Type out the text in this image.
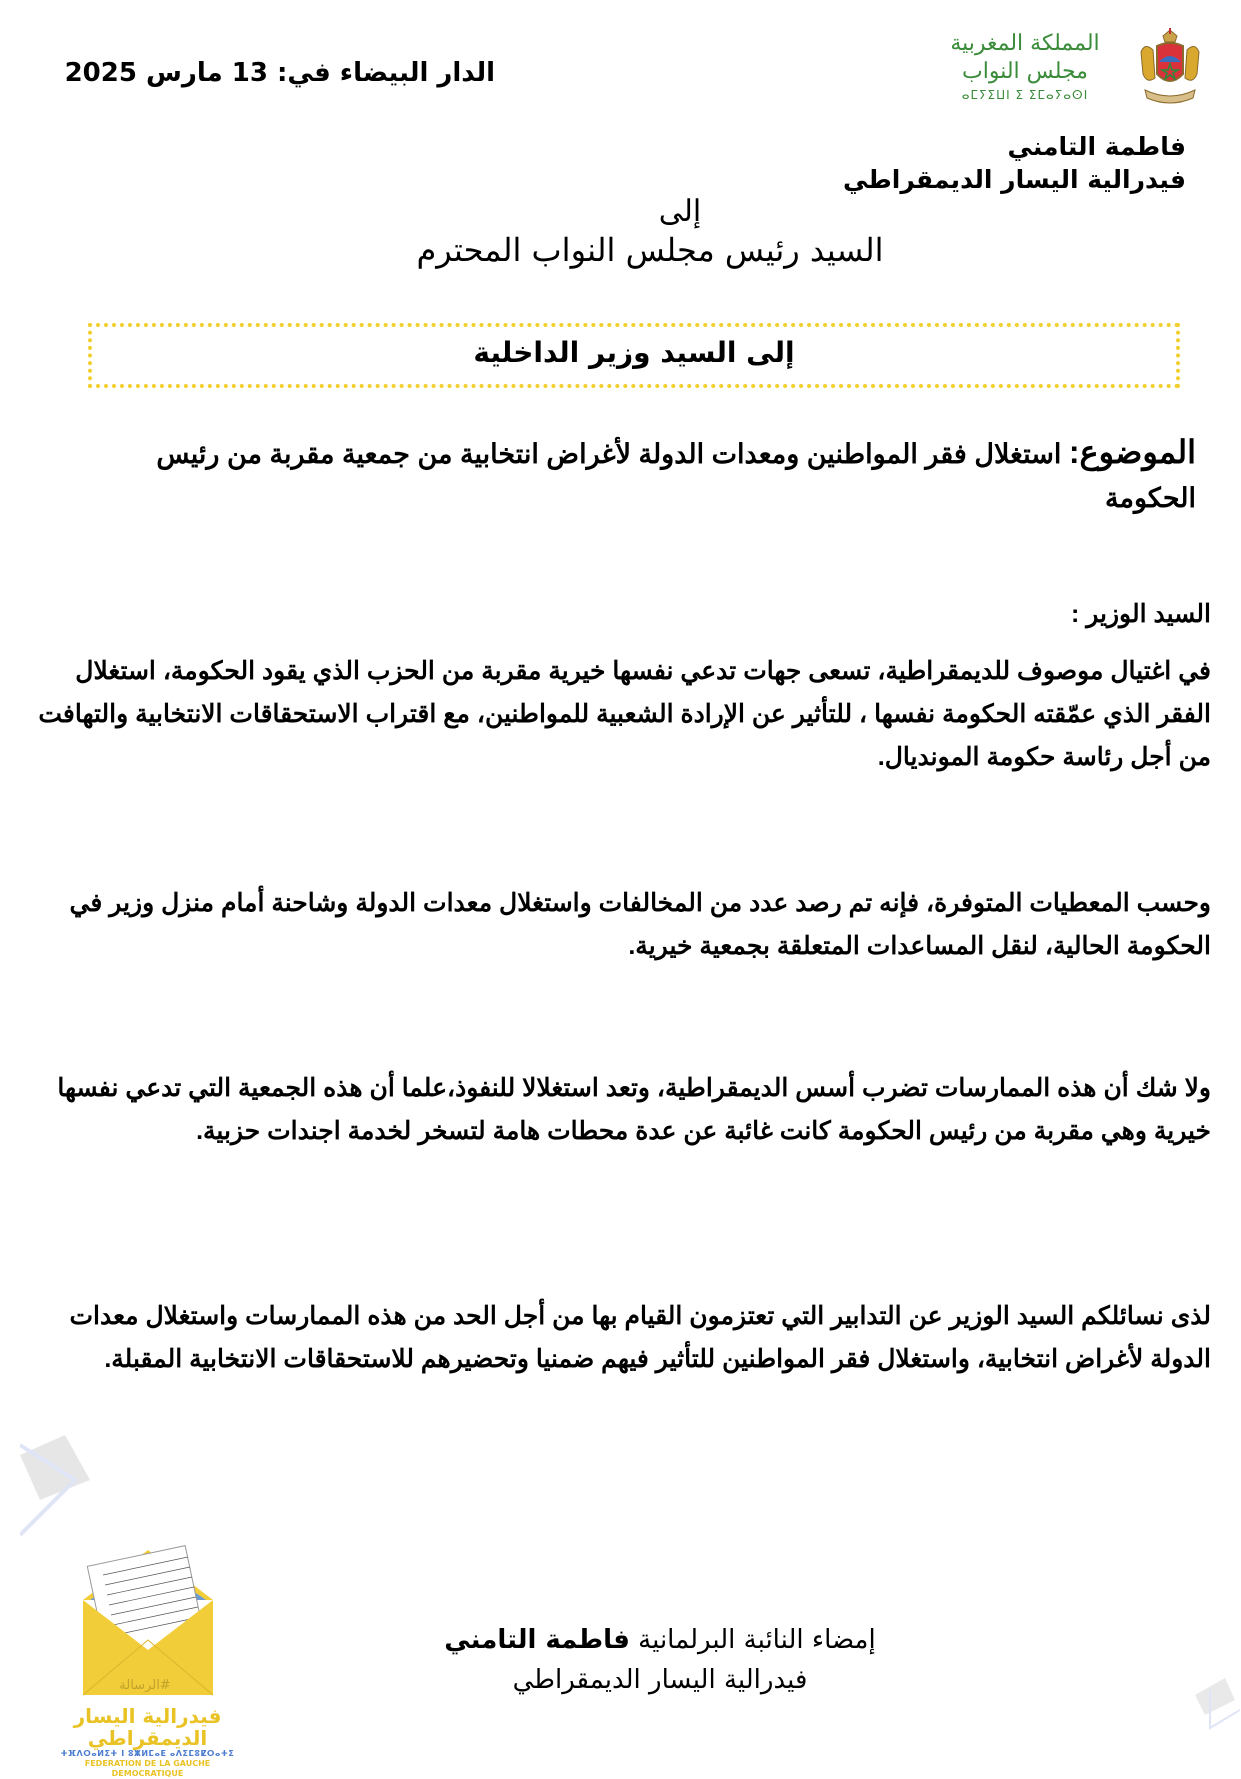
الدار البيضاء في: 13 مارس 2025
المملكة المغربية
مجلس النواب
ⴰⵎⵢⵉⵡⵏ ⵉ ⵉⵎⴰⵢⴰⵙⵏ
فاطمة التامني
فيدرالية اليسار الديمقراطي
إلى
السيد رئيس مجلس النواب المحترم
إلى السيد وزير الداخلية
الموضوع: استغلال فقر المواطنين ومعدات الدولة لأغراض انتخابية من جمعية مقربة من رئيس الحكومة
السيد الوزير :
في اغتيال موصوف للديمقراطية، تسعى جهات تدعي نفسها خيرية مقربة من الحزب الذي يقود الحكومة، استغلال الفقر الذي عمّقته الحكومة نفسها ، للتأثير عن الإرادة الشعبية للمواطنين، مع اقتراب الاستحقاقات الانتخابية والتهافت من أجل رئاسة حكومة المونديال.
وحسب المعطيات المتوفرة، فإنه تم رصد عدد من المخالفات واستغلال معدات الدولة وشاحنة أمام منزل وزير في الحكومة الحالية، لنقل المساعدات المتعلقة بجمعية خيرية.
ولا شك أن هذه الممارسات تضرب أسس الديمقراطية، وتعد استغلالا للنفوذ،علما أن هذه الجمعية التي تدعي نفسها خيرية وهي مقربة من رئيس الحكومة كانت غائبة عن عدة محطات هامة لتسخر لخدمة اجندات حزبية.
لذى نسائلكم السيد الوزير عن التدابير التي تعتزمون القيام بها من أجل الحد من هذه الممارسات واستغلال معدات الدولة لأغراض انتخابية، واستغلال فقر المواطنين للتأثير فيهم ضمنيا وتحضيرهم للاستحقاقات الانتخابية المقبلة.
#الرسالة
فيدرالية اليسار الديمقراطي
ⵜⴼⴷⵔⴰⵍⵉⵜ ⵏ ⵓⵥⵍⵎⴰⴹ ⴰⴷⵉⵎⵓⵇⵔⴰⵜⵉ
FEDERATION DE LA GAUCHE DEMOCRATIQUE
إمضاء النائبة البرلمانية فاطمة التامني
فيدرالية اليسار الديمقراطي
